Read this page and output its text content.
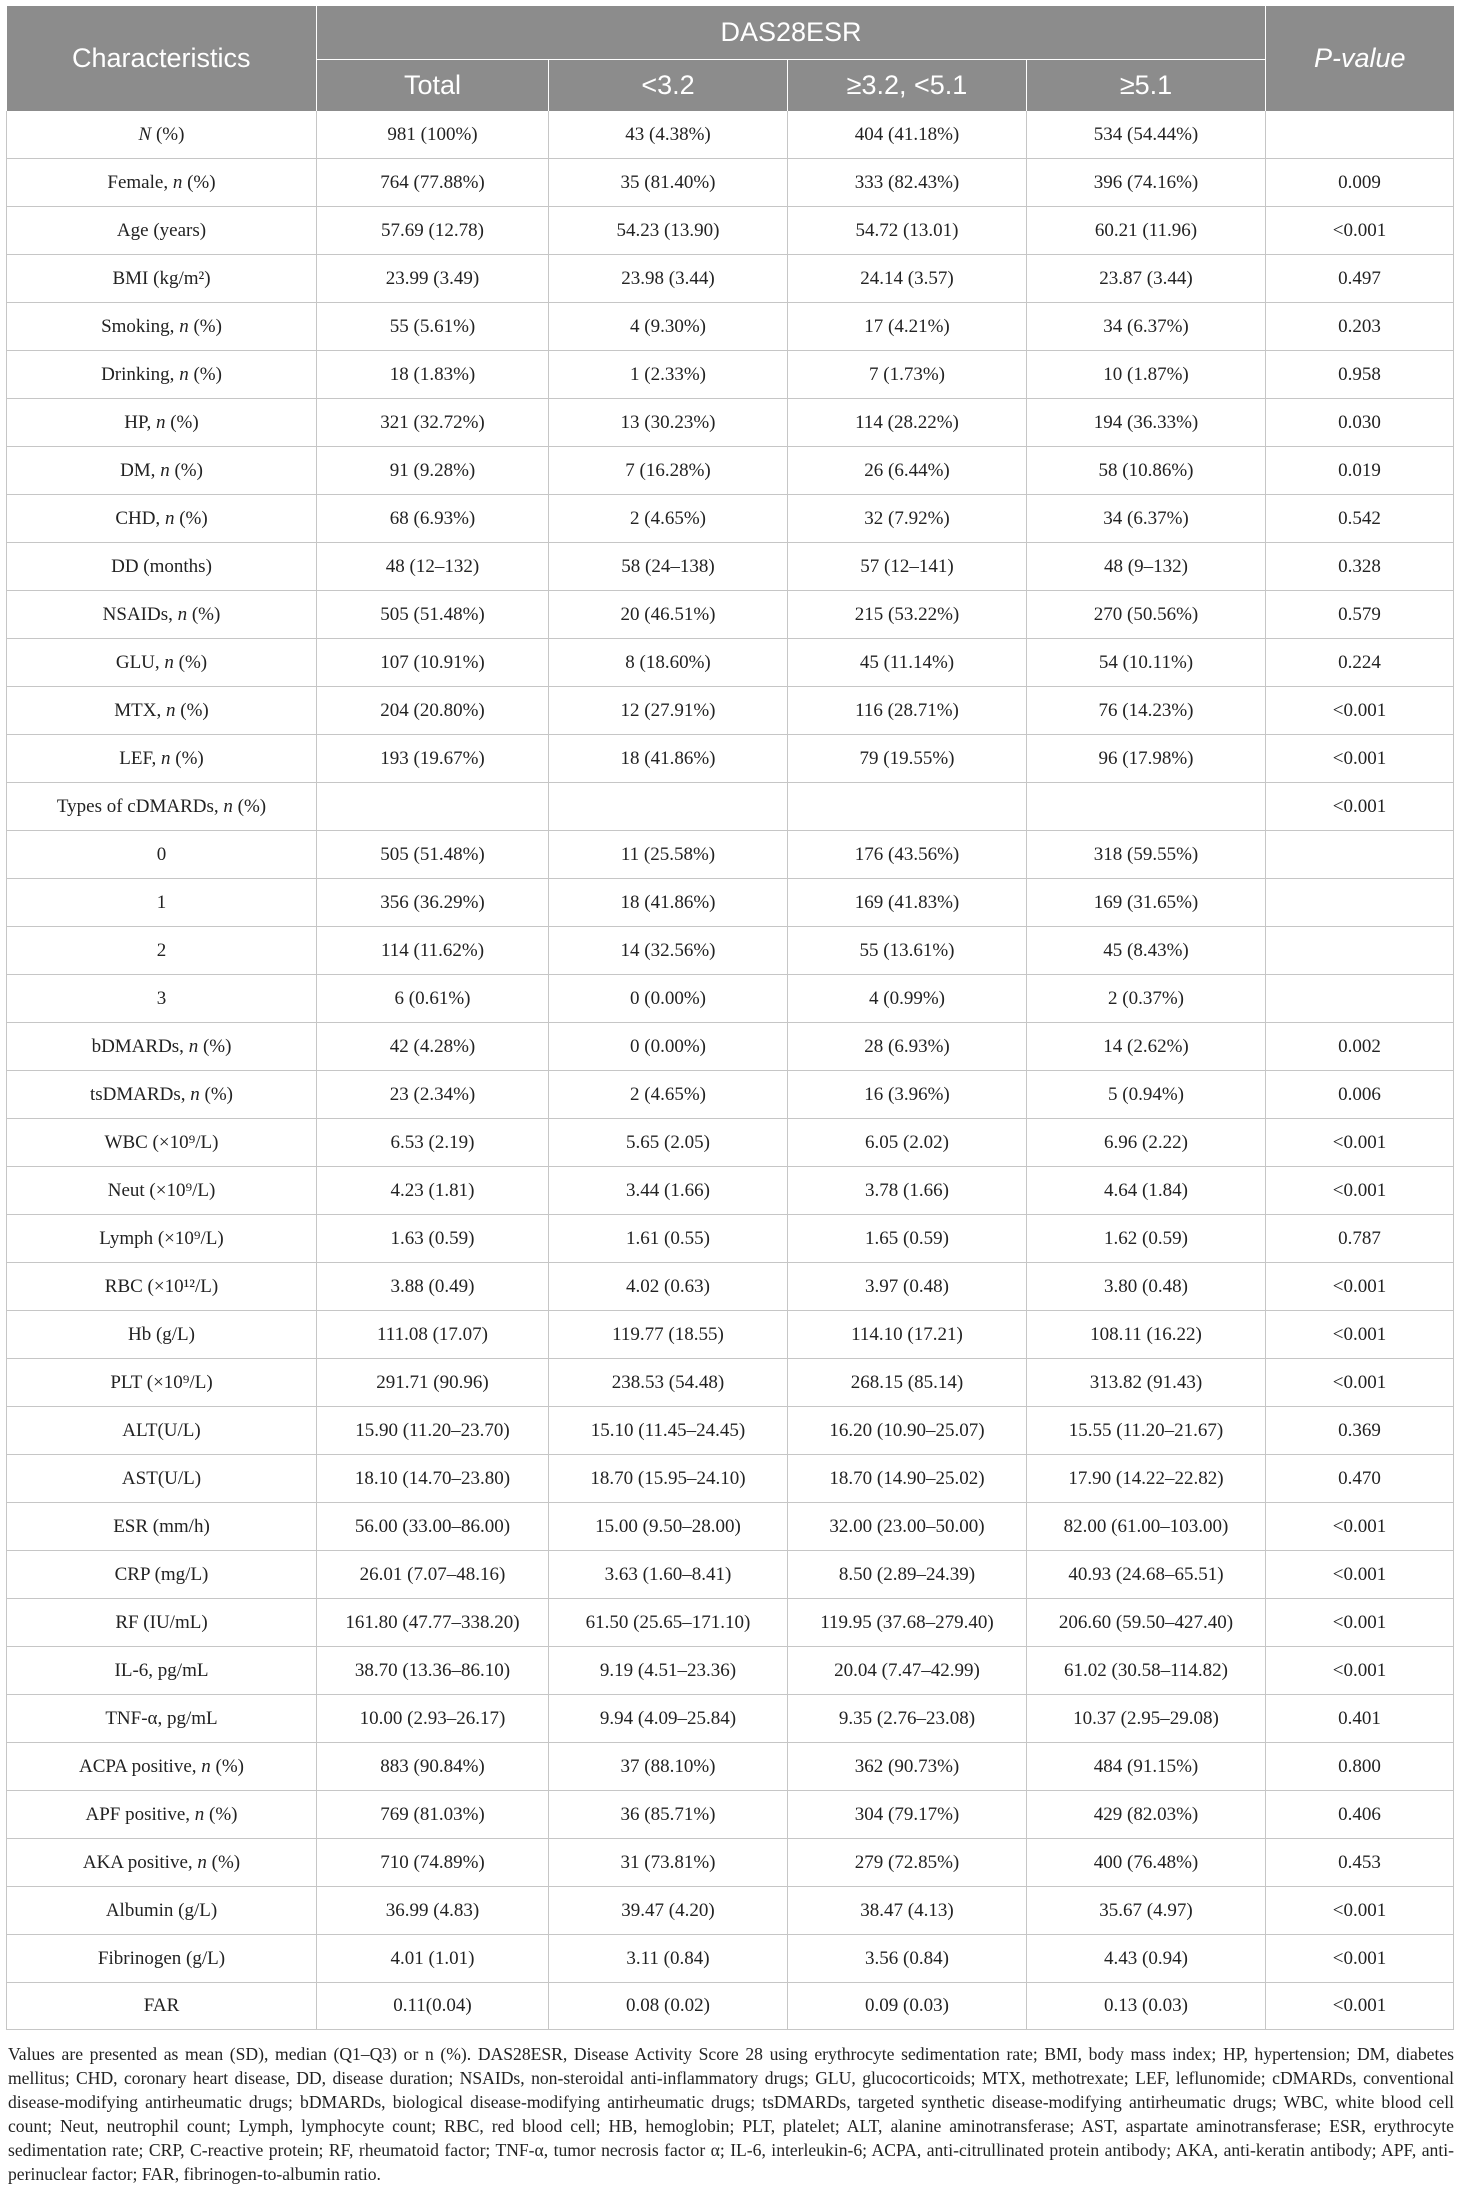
Characteristics	DAS28ESR				P-value
	Total	<3.2	≥3.2, <5.1	≥5.1	
N (%)	981 (100%)	43 (4.38%)	404 (41.18%)	534 (54.44%)	
Female, n (%)	764 (77.88%)	35 (81.40%)	333 (82.43%)	396 (74.16%)	0.009
Age (years)	57.69 (12.78)	54.23 (13.90)	54.72 (13.01)	60.21 (11.96)	<0.001
BMI (kg/m²)	23.99 (3.49)	23.98 (3.44)	24.14 (3.57)	23.87 (3.44)	0.497
Smoking, n (%)	55 (5.61%)	4 (9.30%)	17 (4.21%)	34 (6.37%)	0.203
Drinking, n (%)	18 (1.83%)	1 (2.33%)	7 (1.73%)	10 (1.87%)	0.958
HP, n (%)	321 (32.72%)	13 (30.23%)	114 (28.22%)	194 (36.33%)	0.030
DM, n (%)	91 (9.28%)	7 (16.28%)	26 (6.44%)	58 (10.86%)	0.019
CHD, n (%)	68 (6.93%)	2 (4.65%)	32 (7.92%)	34 (6.37%)	0.542
DD (months)	48 (12–132)	58 (24–138)	57 (12–141)	48 (9–132)	0.328
NSAIDs, n (%)	505 (51.48%)	20 (46.51%)	215 (53.22%)	270 (50.56%)	0.579
GLU, n (%)	107 (10.91%)	8 (18.60%)	45 (11.14%)	54 (10.11%)	0.224
MTX, n (%)	204 (20.80%)	12 (27.91%)	116 (28.71%)	76 (14.23%)	<0.001
LEF, n (%)	193 (19.67%)	18 (41.86%)	79 (19.55%)	96 (17.98%)	<0.001
Types of cDMARDs, n (%)					<0.001
0	505 (51.48%)	11 (25.58%)	176 (43.56%)	318 (59.55%)	
1	356 (36.29%)	18 (41.86%)	169 (41.83%)	169 (31.65%)	
2	114 (11.62%)	14 (32.56%)	55 (13.61%)	45 (8.43%)	
3	6 (0.61%)	0 (0.00%)	4 (0.99%)	2 (0.37%)	
bDMARDs, n (%)	42 (4.28%)	0 (0.00%)	28 (6.93%)	14 (2.62%)	0.002
tsDMARDs, n (%)	23 (2.34%)	2 (4.65%)	16 (3.96%)	5 (0.94%)	0.006
WBC (×10⁹/L)	6.53 (2.19)	5.65 (2.05)	6.05 (2.02)	6.96 (2.22)	<0.001
Neut (×10⁹/L)	4.23 (1.81)	3.44 (1.66)	3.78 (1.66)	4.64 (1.84)	<0.001
Lymph (×10⁹/L)	1.63 (0.59)	1.61 (0.55)	1.65 (0.59)	1.62 (0.59)	0.787
RBC (×10¹²/L)	3.88 (0.49)	4.02 (0.63)	3.97 (0.48)	3.80 (0.48)	<0.001
Hb (g/L)	111.08 (17.07)	119.77 (18.55)	114.10 (17.21)	108.11 (16.22)	<0.001
PLT (×10⁹/L)	291.71 (90.96)	238.53 (54.48)	268.15 (85.14)	313.82 (91.43)	<0.001
ALT(U/L)	15.90 (11.20–23.70)	15.10 (11.45–24.45)	16.20 (10.90–25.07)	15.55 (11.20–21.67)	0.369
AST(U/L)	18.10 (14.70–23.80)	18.70 (15.95–24.10)	18.70 (14.90–25.02)	17.90 (14.22–22.82)	0.470
ESR (mm/h)	56.00 (33.00–86.00)	15.00 (9.50–28.00)	32.00 (23.00–50.00)	82.00 (61.00–103.00)	<0.001
CRP (mg/L)	26.01 (7.07–48.16)	3.63 (1.60–8.41)	8.50 (2.89–24.39)	40.93 (24.68–65.51)	<0.001
RF (IU/mL)	161.80 (47.77–338.20)	61.50 (25.65–171.10)	119.95 (37.68–279.40)	206.60 (59.50–427.40)	<0.001
IL-6, pg/mL	38.70 (13.36–86.10)	9.19 (4.51–23.36)	20.04 (7.47–42.99)	61.02 (30.58–114.82)	<0.001
TNF-α, pg/mL	10.00 (2.93–26.17)	9.94 (4.09–25.84)	9.35 (2.76–23.08)	10.37 (2.95–29.08)	0.401
ACPA positive, n (%)	883 (90.84%)	37 (88.10%)	362 (90.73%)	484 (91.15%)	0.800
APF positive, n (%)	769 (81.03%)	36 (85.71%)	304 (79.17%)	429 (82.03%)	0.406
AKA positive, n (%)	710 (74.89%)	31 (73.81%)	279 (72.85%)	400 (76.48%)	0.453
Albumin (g/L)	36.99 (4.83)	39.47 (4.20)	38.47 (4.13)	35.67 (4.97)	<0.001
Fibrinogen (g/L)	4.01 (1.01)	3.11 (0.84)	3.56 (0.84)	4.43 (0.94)	<0.001
FAR	0.11(0.04)	0.08 (0.02)	0.09 (0.03)	0.13 (0.03)	<0.001

Values are presented as mean (SD), median (Q1–Q3) or n (%). DAS28ESR, Disease Activity Score 28 using erythrocyte sedimentation rate; BMI, body mass index; HP, hypertension; DM, diabetes mellitus; CHD, coronary heart disease, DD, disease duration; NSAIDs, non-steroidal anti-inflammatory drugs; GLU, glucocorticoids; MTX, methotrexate; LEF, leflunomide; cDMARDs, conventional disease-modifying antirheumatic drugs; bDMARDs, biological disease-modifying antirheumatic drugs; tsDMARDs, targeted synthetic disease-modifying antirheumatic drugs; WBC, white blood cell count; Neut, neutrophil count; Lymph, lymphocyte count; RBC, red blood cell; HB, hemoglobin; PLT, platelet; ALT, alanine aminotransferase; AST, aspartate aminotransferase; ESR, erythrocyte sedimentation rate; CRP, C-reactive protein; RF, rheumatoid factor; TNF-α, tumor necrosis factor α; IL-6, interleukin-6; ACPA, anti-citrullinated protein antibody; AKA, anti-keratin antibody; APF, anti-perinuclear factor; FAR, fibrinogen-to-albumin ratio.
